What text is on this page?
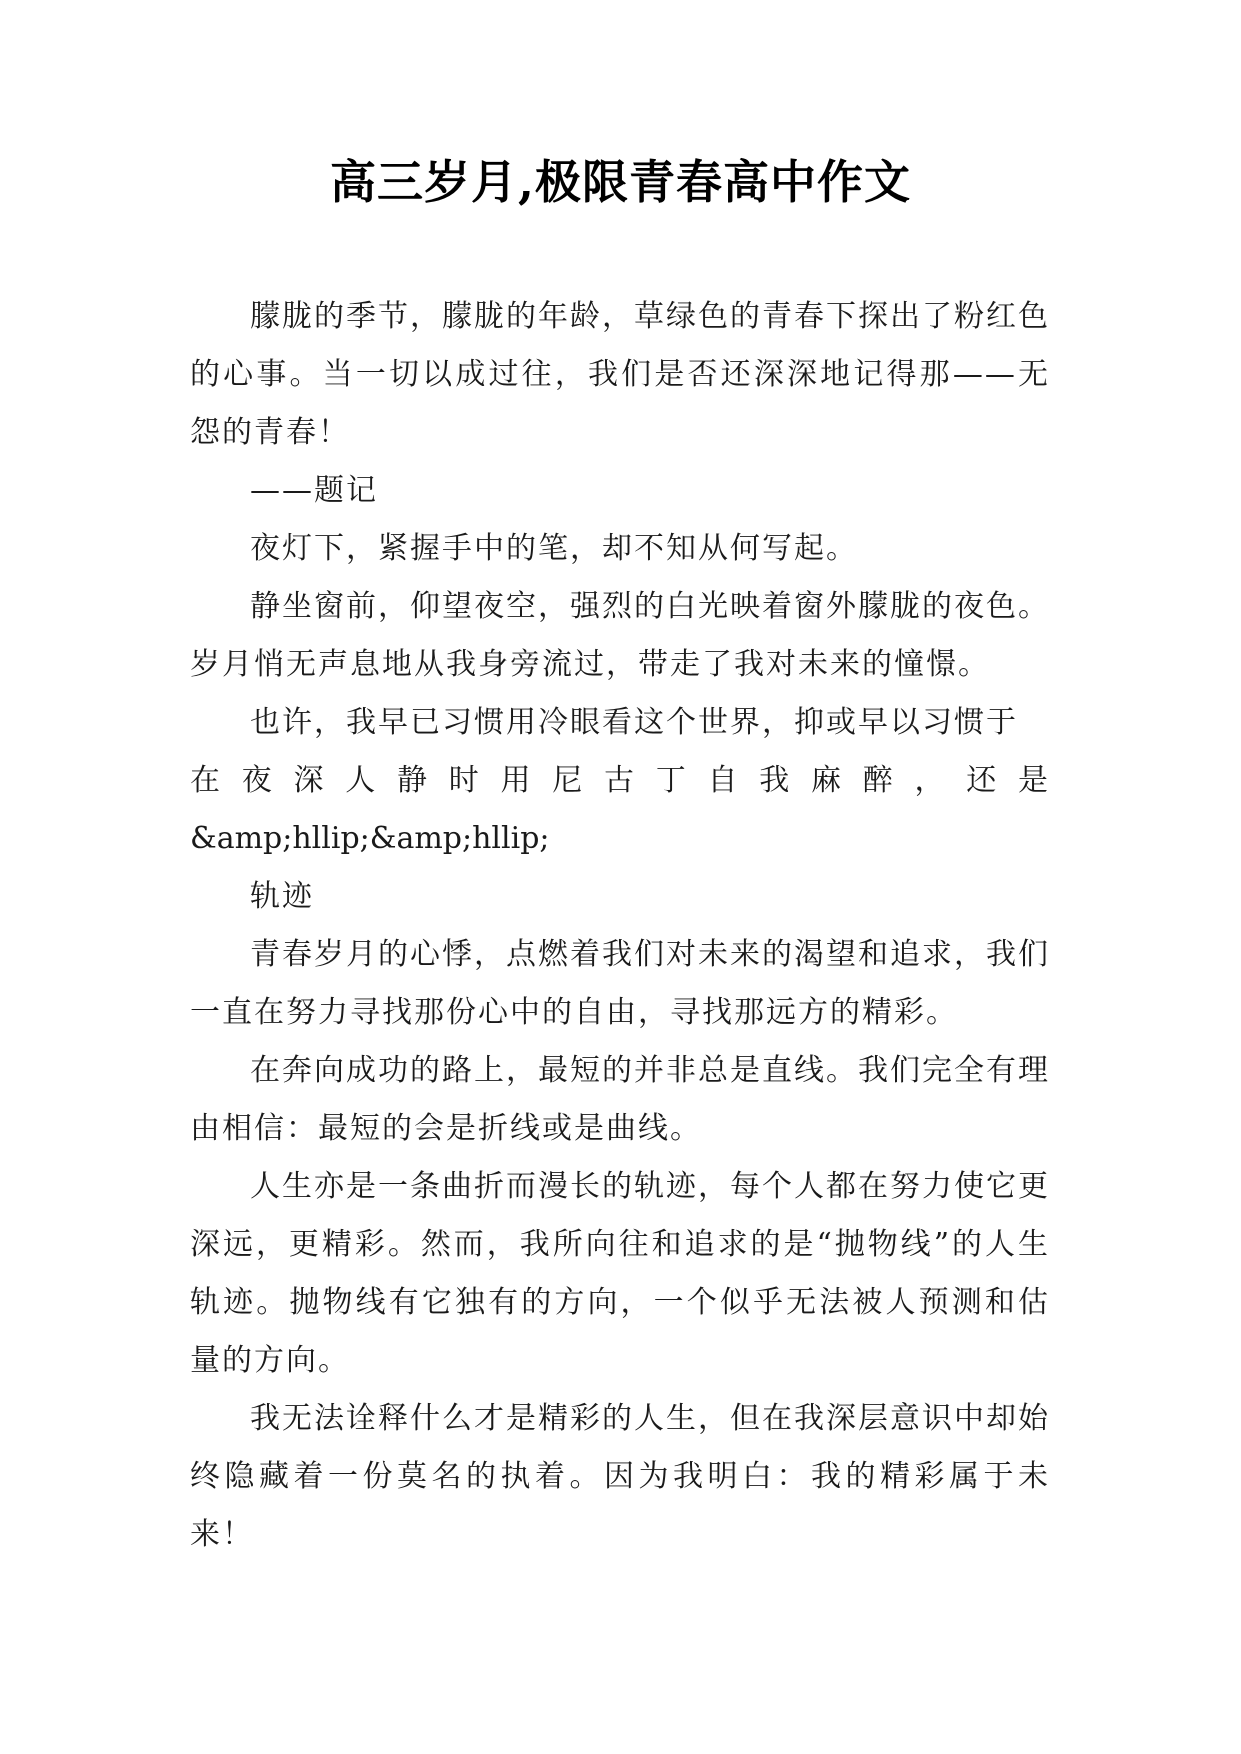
高三岁月,极限青春高中作文

朦胧的季节，朦胧的年龄，草绿色的青春下探出了粉红色的心事。当一切以成过往，我们是否还深深地记得那——无怨的青春！

——题记

夜灯下，紧握手中的笔，却不知从何写起。

静坐窗前，仰望夜空，强烈的白光映着窗外朦胧的夜色。岁月悄无声息地从我身旁流过，带走了我对未来的憧憬。

也许，我早已习惯用冷眼看这个世界，抑或早以习惯于

在夜深人静时用尼古丁自我麻醉，还是

&amp;hllip;&amp;hllip;

轨迹

青春岁月的心悸，点燃着我们对未来的渴望和追求，我们一直在努力寻找那份心中的自由，寻找那远方的精彩。

在奔向成功的路上，最短的并非总是直线。我们完全有理由相信：最短的会是折线或是曲线。

人生亦是一条曲折而漫长的轨迹，每个人都在努力使它更深远，更精彩。然而，我所向往和追求的是“抛物线”的人生轨迹。抛物线有它独有的方向，一个似乎无法被人预测和估量的方向。

我无法诠释什么才是精彩的人生，但在我深层意识中却始终隐藏着一份莫名的执着。因为我明白：我的精彩属于未来！
